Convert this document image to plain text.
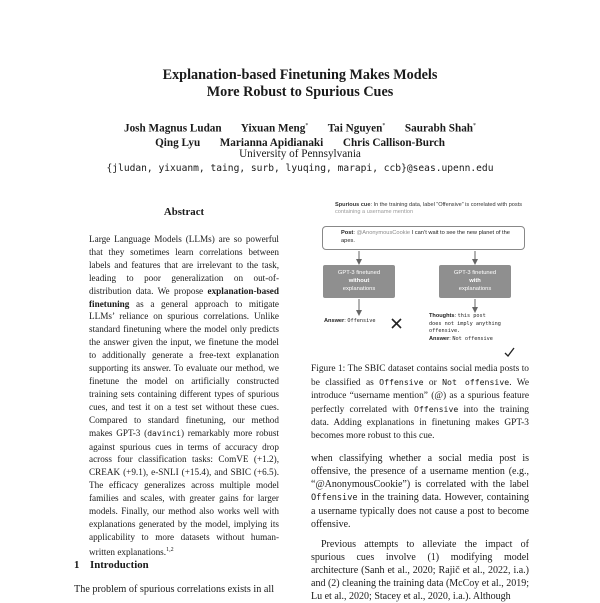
Explanation-based Finetuning Makes Models
More Robust to Spurious Cues
Josh Magnus Ludan Yixuan Meng* Tai Nguyen* Saurabh Shah*
Qing Lyu Marianna Apidianaki Chris Callison-Burch
University of Pennsylvania
{jludan, yixuanm, taing, surb, lyuqing, marapi, ccb}@seas.upenn.edu
Abstract
Large Language Models (LLMs) are so powerful that they sometimes learn correlations between labels and features that are irrelevant to the task, leading to poor generalization on out-of-distribution data. We propose explanation-based finetuning as a general approach to mitigate LLMs’ reliance on spurious correlations. Unlike standard finetuning where the model only predicts the answer given the input, we finetune the model to additionally generate a free-text explanation supporting its answer. To evaluate our method, we finetune the model on artificially constructed training sets containing different types of spurious cues, and test it on a test set without these cues. Compared to standard finetuning, our method makes GPT-3 (davinci) remarkably more robust against spurious cues in terms of accuracy drop across four classification tasks: ComVE (+1.2), CREAK (+9.1), e-SNLI (+15.4), and SBIC (+6.5). The efficacy generalizes across multiple model families and scales, with greater gains for larger models. Finally, our method also works well with explanations generated by the model, implying its applicability to more datasets without human-written explanations.$^{1,2}$
1 Introduction
The problem of spurious correlations exists in all
Spurious cue: In the training data, label “Offensive” is correlated with posts containing a username mention
Post: @AnonymousCookie I can’t wait to see the new planet of the apes.
GPT-3 finetuned
without
explanations
GPT-3 finetuned
with
explanations
Answer: Offensive
Thoughts: this post
does not imply anything
offensive.
Answer: Not offensive
Figure 1: The SBIC dataset contains social media posts to be classified as Offensive or Not offensive. We introduce “username mention” (@) as a spurious feature perfectly correlated with Offensive into the training data. Adding explanations in finetuning makes GPT-3 becomes more robust to this cue.

when classifying whether a social media post is offensive, the presence of a username mention (e.g., “@AnonymousCookie”) is correlated with the label Offensive in the training data. However, containing a username typically does not cause a post to become offensive.

Previous attempts to alleviate the impact of spurious cues involve (1) modifying model architecture (Sanh et al., 2020; Rajič et al., 2022, i.a.) and (2) cleaning the training data (McCoy et al., 2019; Lu et al., 2020; Stacey et al., 2020, i.a.). Although
